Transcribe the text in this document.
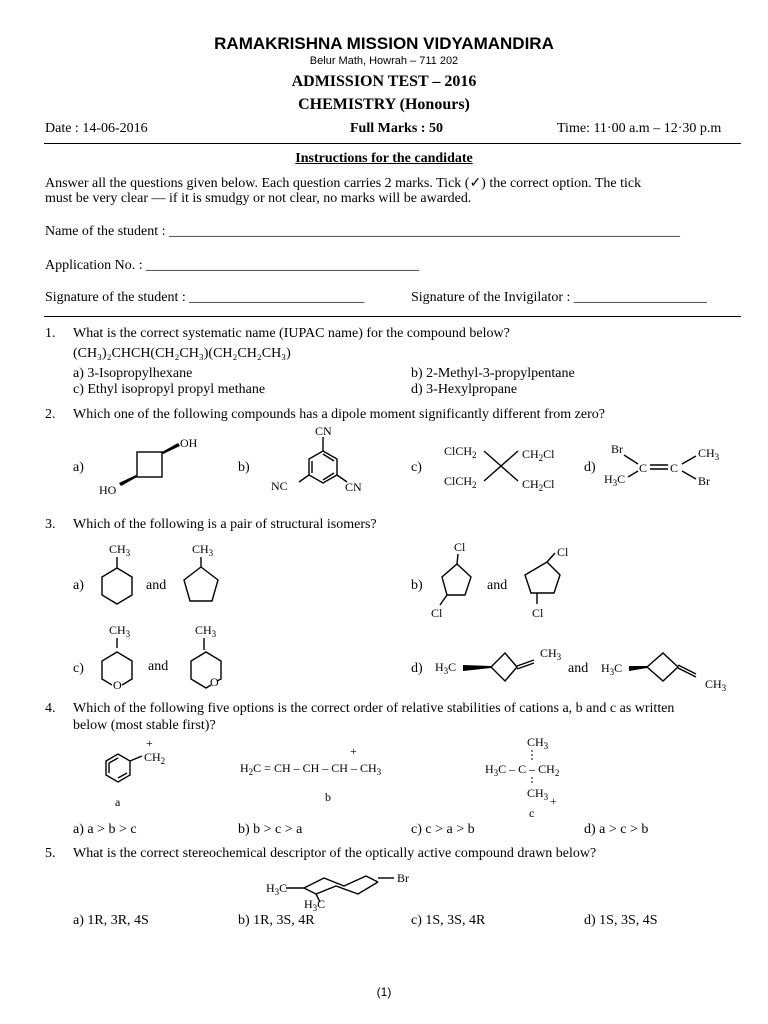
RAMAKRISHNA MISSION VIDYAMANDIRA
Belur Math, Howrah – 711 202
ADMISSION TEST – 2016
CHEMISTRY (Honours)
Date : 14-06-2016	Full Marks : 50	Time: 11·00 a.m – 12·30 p.m
Instructions for the candidate
Answer all the questions given below. Each question carries 2 marks. Tick (✓) the correct option. The tick
must be very clear — if it is smudgy or not clear, no marks will be awarded.
Name of the student : _________________________________________________________________________
Application No. : _______________________________________
Signature of the student : _________________________	Signature of the Invigilator : ___________________
1. What is the correct systematic name (IUPAC name) for the compound below?
(CH₃)₂CHCH(CH₂CH₃)(CH₂CH₂CH₃)
a) 3-Isopropylhexane	b) 2-Methyl-3-propylpentane
c) Ethyl isopropyl propyl methane	d) 3-Hexylpropane
2. Which one of the following compounds has a dipole moment significantly different from zero?
a)	b)	c)	d)
OH
HO
CN
CN
NC
ClCH$_2$	$CH_2Cl$
ClCH$_2$	$CH_2Cl$
Br
$H_3C$
C C
$CH_3$
Br
3. Which of the following is a pair of structural isomers?
a)	and	b)	and
c)	and	d)	and
$CH_3$	$CH_3$	Cl
Cl
Cl
Cl
$CH_3$
O
$CH_3$
O
$H_3C$
$CH_3$
$H_3C$
$CH_3$
4. Which of the following five options is the correct order of relative stabilities of cations a, b and c as written
below (most stable first)?
+
$CH_2$
a
+
$H_2C$ = CH – CH – CH – $CH_3$
b
$CH_3$
$H_3C$ – C – $CH_2$
$CH_3$ +
c
a) a > b > c	b) b > c > a	c) c > a > b	d) a > c > b
5. What is the correct stereochemical descriptor of the optically active compound drawn below?
Br
$H_3C$
$H_3C$
a) 1R, 3R, 4S	b) 1R, 3S, 4R	c) 1S, 3S, 4R	d) 1S, 3S, 4S
(1)
